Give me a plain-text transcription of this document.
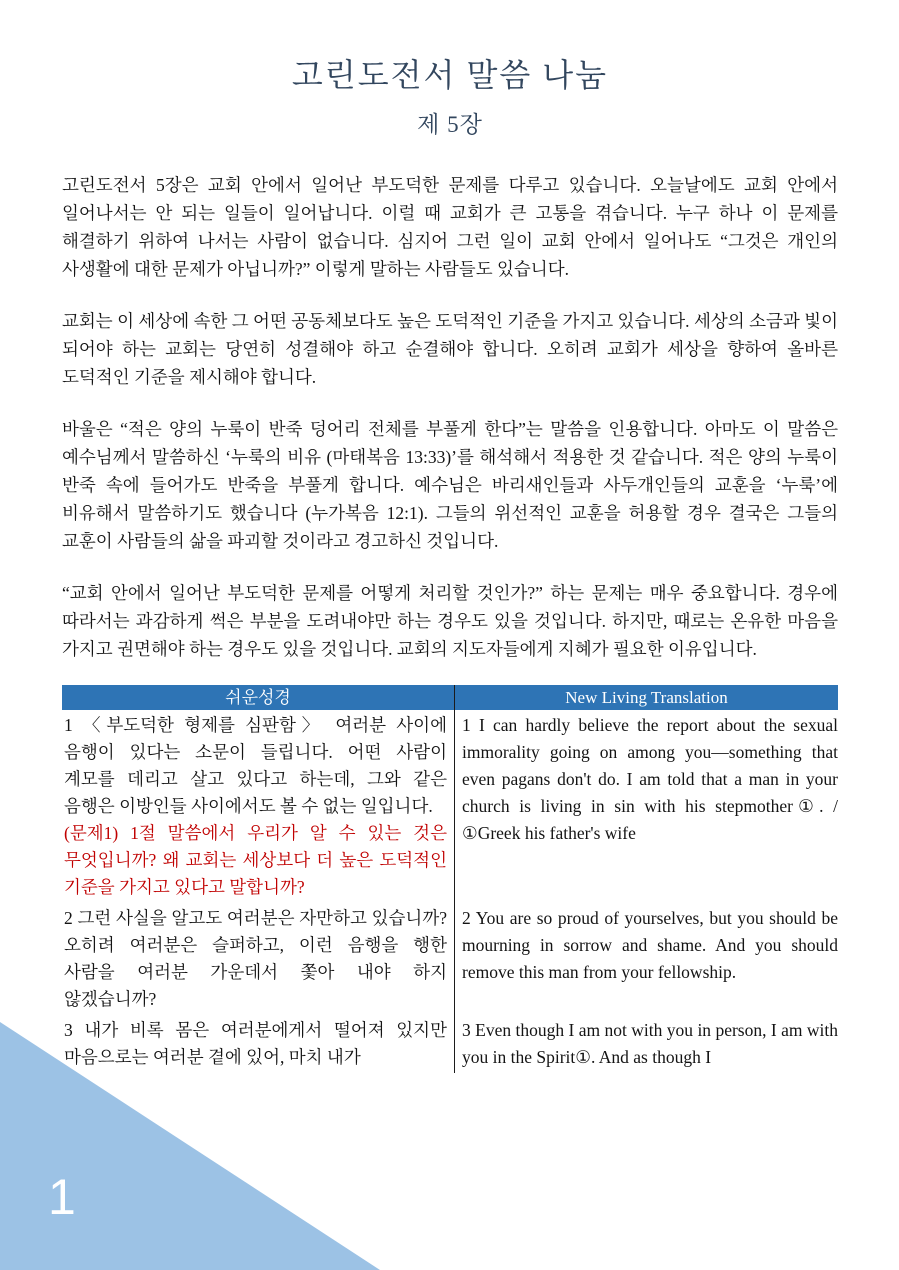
1
고린도전서 말씀 나눔
제 5장

고린도전서 5장은 교회 안에서 일어난 부도덕한 문제를 다루고 있습니다. 오늘날에도 교회 안에서 일어나서는 안 되는 일들이 일어납니다. 이럴 때 교회가 큰 고통을 겪습니다. 누구 하나 이 문제를 해결하기 위하여 나서는 사람이 없습니다. 심지어 그런 일이 교회 안에서 일어나도 “그것은 개인의 사생활에 대한 문제가 아닙니까?” 이렇게 말하는 사람들도 있습니다.

교회는 이 세상에 속한 그 어떤 공동체보다도 높은 도덕적인 기준을 가지고 있습니다. 세상의 소금과 빛이 되어야 하는 교회는 당연히 성결해야 하고 순결해야 합니다. 오히려 교회가 세상을 향하여 올바른 도덕적인 기준을 제시해야 합니다.

바울은 “적은 양의 누룩이 반죽 덩어리 전체를 부풀게 한다”는 말씀을 인용합니다. 아마도 이 말씀은 예수님께서 말씀하신 ‘누룩의 비유 (마태복음 13:33)’를 해석해서 적용한 것 같습니다. 적은 양의 누룩이 반죽 속에 들어가도 반죽을 부풀게 합니다. 예수님은 바리새인들과 사두개인들의 교훈을 ‘누룩’에 비유해서 말씀하기도 했습니다 (누가복음 12:1). 그들의 위선적인 교훈을 허용할 경우 결국은 그들의 교훈이 사람들의 삶을 파괴할 것이라고 경고하신 것입니다.

“교회 안에서 일어난 부도덕한 문제를 어떻게 처리할 것인가?” 하는 문제는 매우 중요합니다. 경우에 따라서는 과감하게 썩은 부분을 도려내야만 하는 경우도 있을 것입니다. 하지만, 때로는 온유한 마음을 가지고 권면해야 하는 경우도 있을 것입니다. 교회의 지도자들에게 지혜가 필요한 이유입니다.

쉬운성경	New Living Translation
1 〈부도덕한 형제를 심판함〉 여러분 사이에 음행이 있다는 소문이 들립니다. 어떤 사람이 계모를 데리고 살고 있다고 하는데, 그와 같은 음행은 이방인들 사이에서도 볼 수 없는 일입니다.
(문제1) 1절 말씀에서 우리가 알 수 있는 것은 무엇입니까? 왜 교회는 세상보다 더 높은 도덕적인 기준을 가지고 있다고 말합니까?
1 I can hardly believe the report about the sexual immorality going on among you—something that even pagans don't do. I am told that a man in your church is living in sin with his stepmother①. / ①Greek his father's wife
2 그런 사실을 알고도 여러분은 자만하고 있습니까? 오히려 여러분은 슬퍼하고, 이런 음행을 행한 사람을 여러분 가운데서 쫓아 내야 하지 않겠습니까?
2 You are so proud of yourselves, but you should be mourning in sorrow and shame. And you should remove this man from your fellowship.
3 내가 비록 몸은 여러분에게서 떨어져 있지만 마음으로는 여러분 곁에 있어, 마치 내가
3 Even though I am not with you in person, I am with you in the Spirit①. And as though I
